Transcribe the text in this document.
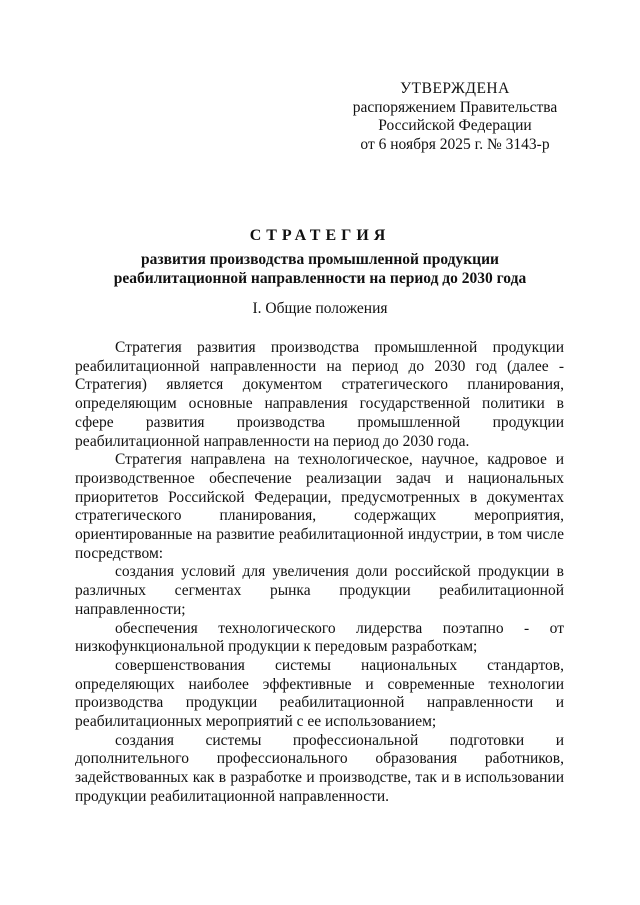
УТВЕРЖДЕНА
распоряжением Правительства
Российской Федерации
от 6 ноября 2025 г. № 3143-р
СТРАТЕГИЯ
развития производства промышленной продукции
реабилитационной направленности на период до 2030 года
I. Общие положения

Стратегия развития производства промышленной продукции реабилитационной направленности на период до 2030 год (далее - Стратегия) является документом стратегического планирования, определяющим основные направления государственной политики в сфере развития производства промышленной продукции реабилитационной направленности на период до 2030 года.

Стратегия направлена на технологическое, научное, кадровое и производственное обеспечение реализации задач и национальных приоритетов Российской Федерации, предусмотренных в документах стратегического планирования, содержащих мероприятия, ориентированные на развитие реабилитационной индустрии, в том числе посредством:

создания условий для увеличения доли российской продукции в различных сегментах рынка продукции реабилитационной направленности;

обеспечения технологического лидерства поэтапно - от низкофункциональной продукции к передовым разработкам;

совершенствования системы национальных стандартов, определяющих наиболее эффективные и современные технологии производства продукции реабилитационной направленности и реабилитационных мероприятий с ее использованием;

создания системы профессиональной подготовки и дополнительного профессионального образования работников, задействованных как в разработке и производстве, так и в использовании продукции реабилитационной направленности.
